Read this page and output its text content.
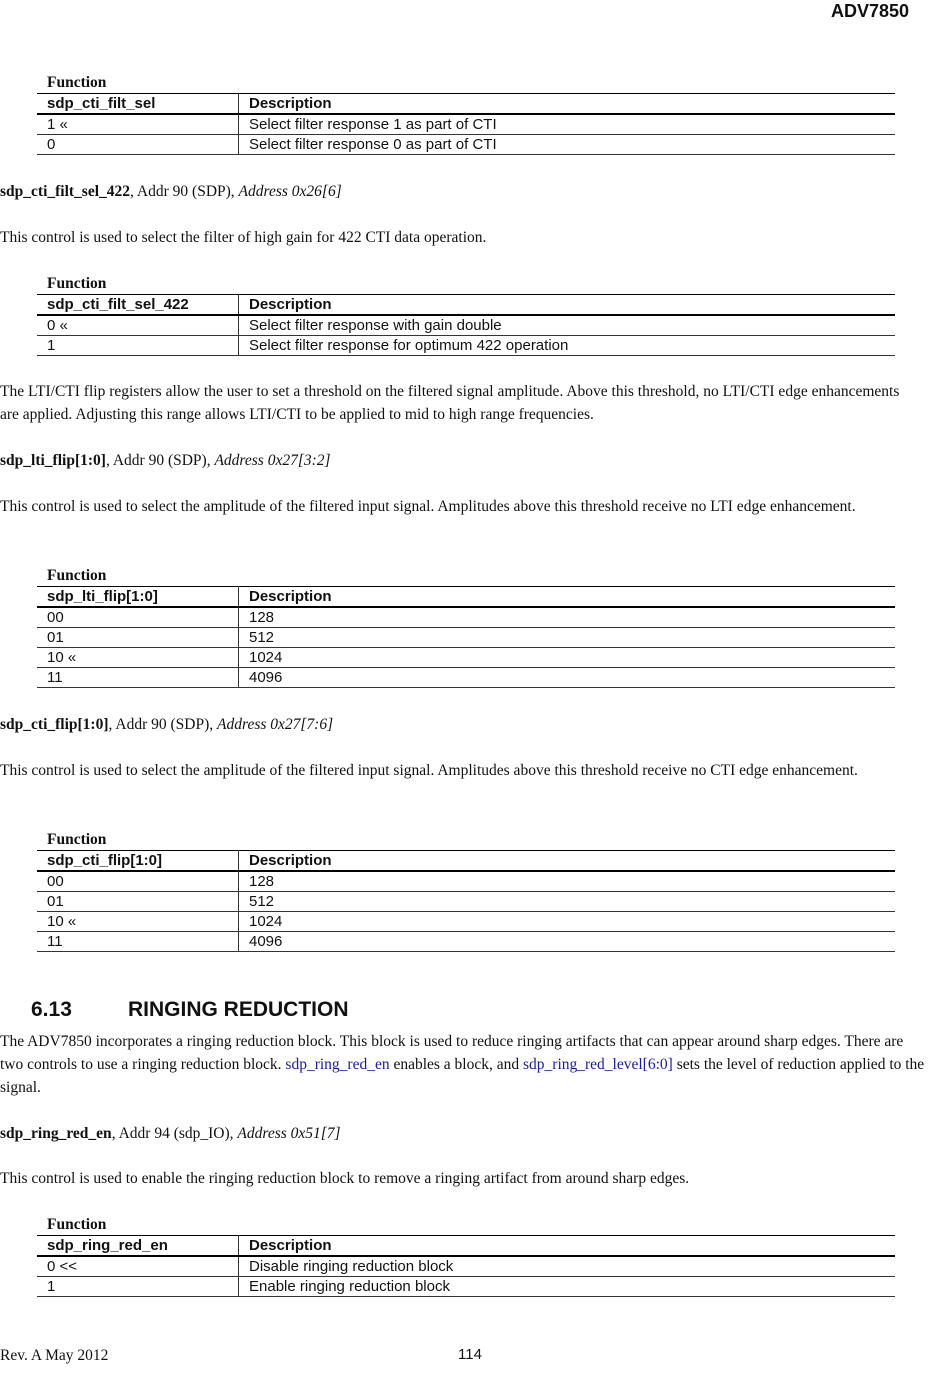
ADV7850
Function
sdp_cti_filt_sel	Description
1 «	Select filter response 1 as part of CTI
0	Select filter response 0 as part of CTI
sdp_cti_filt_sel_422, Addr 90 (SDP), Address 0x26[6]

This control is used to select the filter of high gain for 422 CTI data operation.

Function
sdp_cti_filt_sel_422	Description
0 «	Select filter response with gain double
1	Select filter response for optimum 422 operation

The LTI/CTI flip registers allow the user to set a threshold on the filtered signal amplitude. Above this threshold, no LTI/CTI edge enhancements are applied. Adjusting this range allows LTI/CTI to be applied to mid to high range frequencies.

sdp_lti_flip[1:0], Addr 90 (SDP), Address 0x27[3:2]

This control is used to select the amplitude of the filtered input signal. Amplitudes above this threshold receive no LTI edge enhancement.

Function
sdp_lti_flip[1:0]	Description
00	128
01	512
10 «	1024
11	4096
sdp_cti_flip[1:0], Addr 90 (SDP), Address 0x27[7:6]

This control is used to select the amplitude of the filtered input signal. Amplitudes above this threshold receive no CTI edge enhancement.

Function
sdp_cti_flip[1:0]	Description
00	128
01	512
10 «	1024
11	4096
6.13	RINGING REDUCTION

The ADV7850 incorporates a ringing reduction block. This block is used to reduce ringing artifacts that can appear around sharp edges. There are two controls to use a ringing reduction block. sdp_ring_red_en enables a block, and sdp_ring_red_level[6:0] sets the level of reduction applied to the signal.

sdp_ring_red_en, Addr 94 (sdp_IO), Address 0x51[7]

This control is used to enable the ringing reduction block to remove a ringing artifact from around sharp edges.

Function
sdp_ring_red_en	Description
0 <<	Disable ringing reduction block
1	Enable ringing reduction block
Rev. A May 2012	114
